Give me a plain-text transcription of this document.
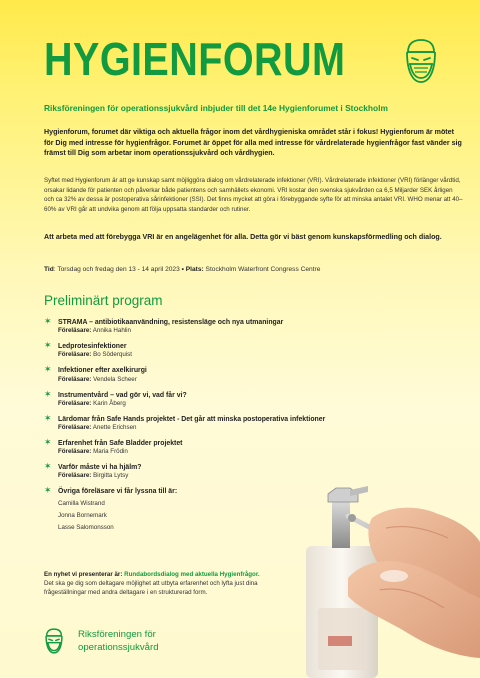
HYGIENFORUM
Riksföreningen för operationssjukvård inbjuder till det 14e Hygienforumet i Stockholm
Hygienforum, forumet där viktiga och aktuella frågor inom det vårdhygieniska området står i fokus! Hygienforum är mötet för Dig med intresse för hygienfrågor. Forumet är öppet för alla med intresse för vårdrelaterade hygienfrågor fast vänder sig främst till Dig som arbetar inom operationssjukvård och vårdhygien.
Syftet med Hygienforum är att ge kunskap samt möjliggöra dialog om vårdrelaterade infektioner (VRI). Vårdrelaterade infektioner (VRI) förlänger vårdtid, orsakar lidande för patienten och påverkar både patientens och samhällets ekonomi. VRI kostar den svenska sjukvården ca 6,5 Miljarder SEK årligen och ca 32% av dessa är postoperativa sårinfektioner (SSI). Det finns mycket att göra i förebyggande syfte för att minska antalet VRI. WHO menar att 40–60% av VRI går att undvika genom att följa uppsatta standarder och rutiner.
Att arbeta med att förebygga VRI är en angelägenhet för alla. Detta gör vi bäst genom kunskapsförmedling och dialog.
Tid: Torsdag och fredag den 13 - 14 april 2023 • Plats: Stockholm Waterfront Congress Centre
Preliminärt program
✶ STRAMA – antibiotikaanvändning, resistensläge och nya utmaningar
Föreläsare: Annika Hahlin
✶ Ledprotesinfektioner
Föreläsare: Bo Söderquist
✶ Infektioner efter axelkirurgi
Föreläsare: Vendela Scheer
✶ Instrumentvård – vad gör vi, vad får vi?
Föreläsare: Karin Åberg
✶ Lärdomar från Safe Hands projektet - Det går att minska postoperativa infektioner
Föreläsare: Anette Erichsen
✶ Erfarenhet från Safe Bladder projektet
Föreläsare: Maria Frödin
✶ Varför måste vi ha hjälm?
Föreläsare: Birgitta Lytsy
✶ Övriga föreläsare vi får lyssna till är:
Camilla Wistrand
Jonna Bornemark
Lasse Salomonsson
En nyhet vi presenterar är: Rundabordsdialog med aktuella Hygienfrågor.
Det ska ge dig som deltagare möjlighet att utbyta erfarenhet och lyfta just dina frågeställningar med andra deltagare i en strukturerad form.
Riksföreningen för
operationssjukvård
